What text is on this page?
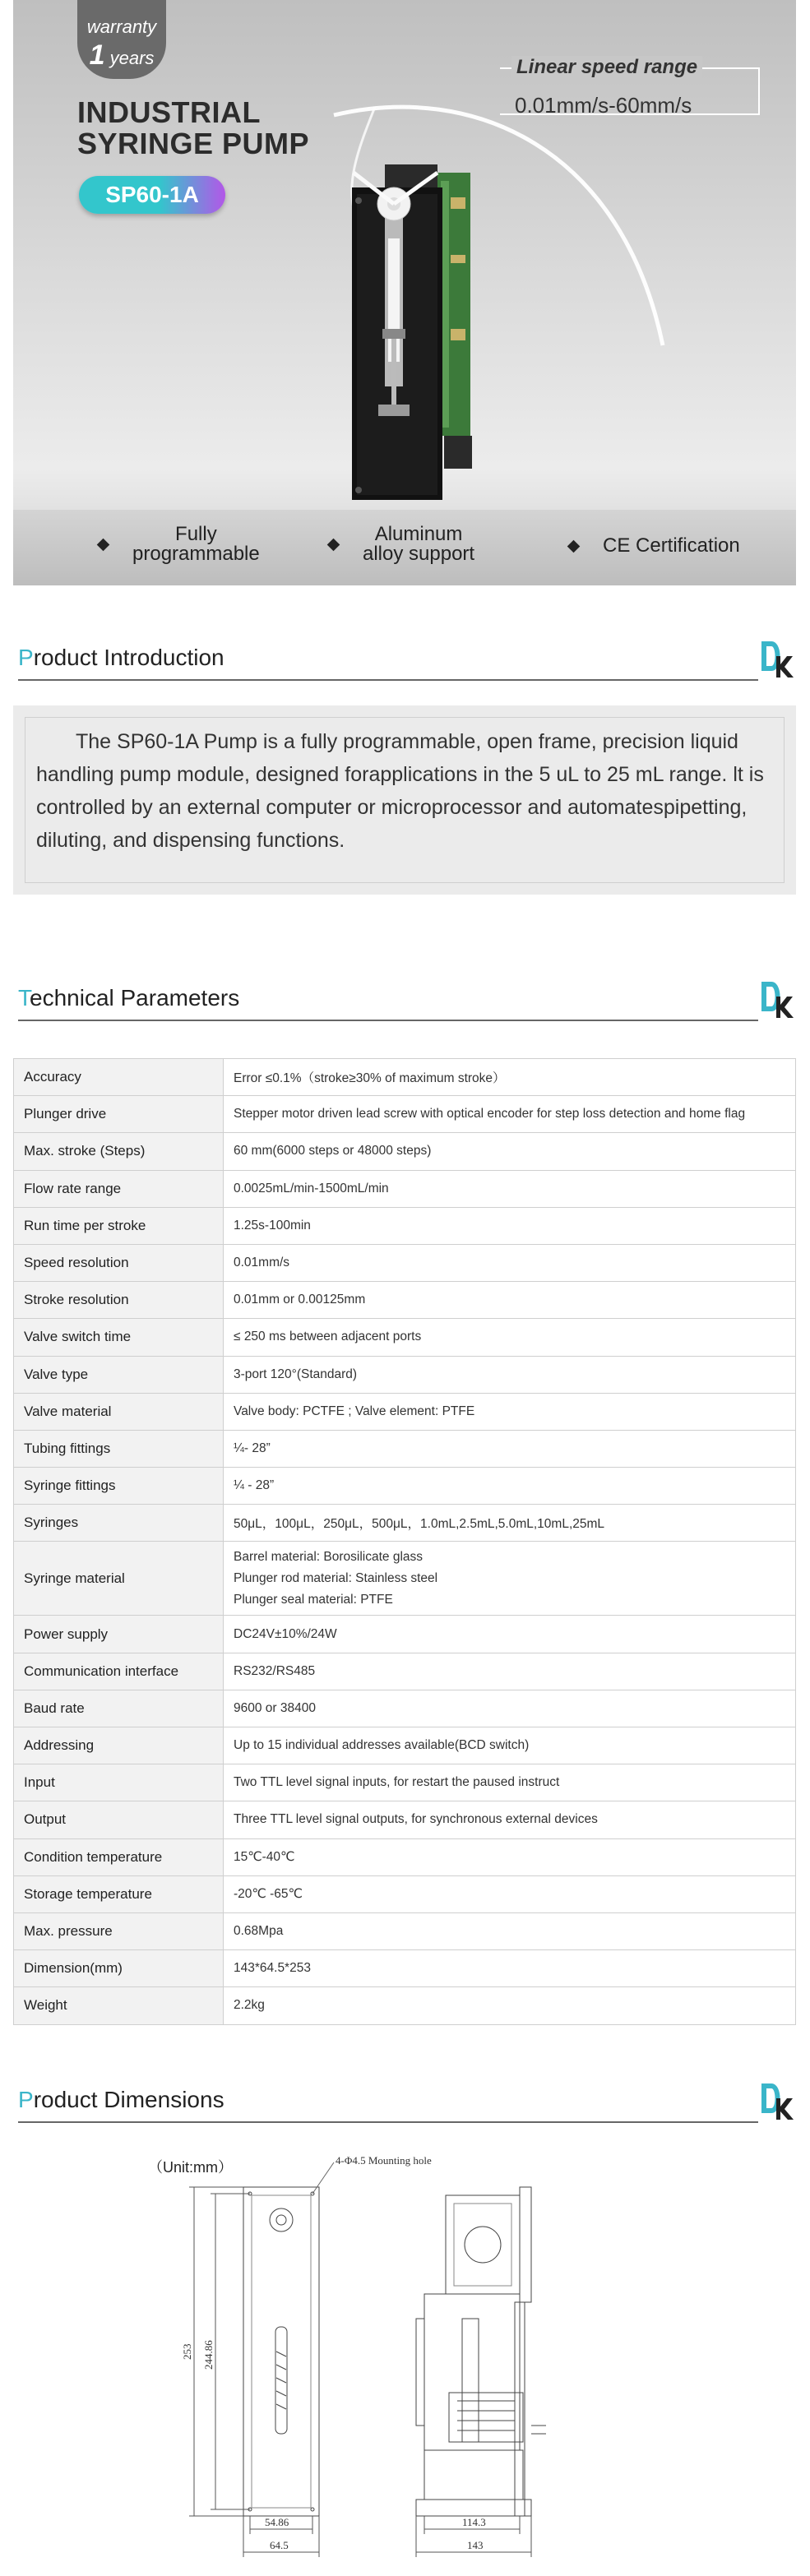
warranty
1 years
INDUSTRIAL
SYRINGE PUMP
SP60-1A
Linear speed range
0.01mm/s-60mm/s
Fully
programmable
Aluminum
alloy support	CE Certification
Product Introduction

The SP60-1A Pump is a fully programmable, open frame, precision liquid handling pump module, designed forapplications in the 5 uL to 25 mL range. lt is controlled by an external computer or microprocessor and automatespipetting, diluting, and dispensing functions.

Technical Parameters
Accuracy	Error ≤0.1%（stroke≥30% of maximum stroke）
Plunger drive	Stepper motor driven lead screw with optical encoder for step loss detection and home flag
Max. stroke (Steps)	60 mm(6000 steps or 48000 steps)
Flow rate range	0.0025mL/min-1500mL/min
Run time per stroke	1.25s-100min
Speed resolution	0.01mm/s
Stroke resolution	0.01mm or 0.00125mm
Valve switch time	≤ 250 ms between adjacent ports
Valve type	3-port 120°(Standard)
Valve material	Valve body: PCTFE ; Valve element: PTFE
Tubing fittings	¼- 28”
Syringe fittings	¼ - 28”
Syringes	50μL，100μL，250μL，500μL，1.0mL,2.5mL,5.0mL,10mL,25mL
Syringe material	Barrel material: Borosilicate glass
Plunger rod material: Stainless steel
Plunger seal material: PTFE

Power supply	DC24V±10%/24W
Communication interface	RS232/RS485
Baud rate	9600 or 38400
Addressing	Up to 15 individual addresses available(BCD switch)
Input	Two TTL level signal inputs, for restart the paused instruct
Output	Three TTL level signal outputs, for synchronous external devices
Condition temperature	15℃-40℃
Storage temperature	-20℃ -65℃
Max. pressure	0.68Mpa
Dimension(mm)	143*64.5*253
Weight	2.2kg
Product Dimensions
（Unit:mm）	4-Φ4.5 Mounting hole
253 244.86
54.86
64.5
114.3
143
